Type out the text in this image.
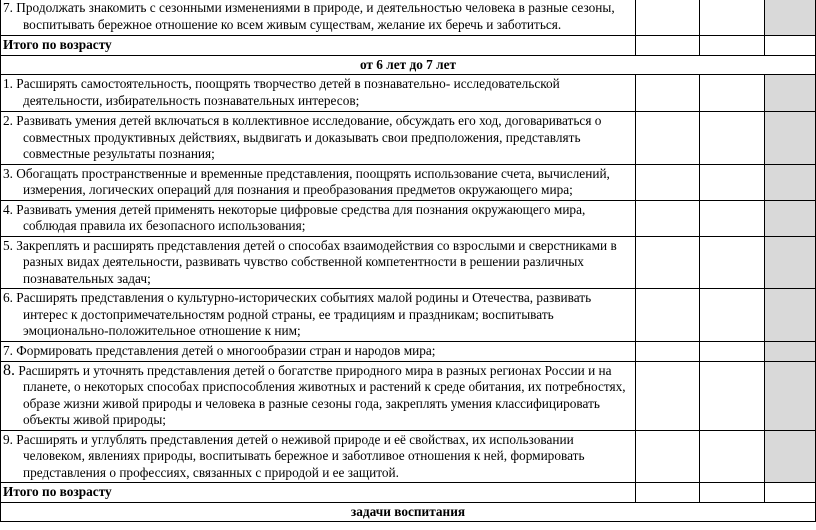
7. Продолжать знакомить с сезонными изменениями в природе, и деятельностью человека в разные сезоны, воспитывать бережное отношение ко всем живым существам, желание их беречь и заботиться.			

Итого по возрасту			
от 6 лет до 7 лет			

1. Расширять самостоятельность, поощрять творчество детей в познавательно- исследовательской деятельности, избирательность познавательных интересов;			

2. Развивать умения детей включаться в коллективное исследование, обсуждать его ход, договариваться о совместных продуктивных действиях, выдвигать и доказывать свои предположения, представлять совместные результаты познания;			

3. Обогащать пространственные и временные представления, поощрять использование счета, вычислений, измерения, логических операций для познания и преобразования предметов окружающего мира;			

4. Развивать умения детей применять некоторые цифровые средства для познания окружающего мира, соблюдая правила их безопасного использования;			

5. Закреплять и расширять представления детей о способах взаимодействия со взрослыми и сверстниками в разных видах деятельности, развивать чувство собственной компетентности в решении различных познавательных задач;			

6. Расширять представления о культурно-исторических событиях малой родины и Отечества, развивать интерес к достопримечательностям родной страны, ее традициям и праздникам; воспитывать эмоционально-положительное отношение к ним;			

7. Формировать представления детей о многообразии стран и народов мира;			

8. Расширять и уточнять представления детей о богатстве природного мира в разных регионах России и на планете, о некоторых способах приспособления животных и растений к среде обитания, их потребностях, образе жизни живой природы и человека в разные сезоны года, закреплять умения классифицировать объекты живой природы;			

9. Расширять и углублять представления детей о неживой природе и её свойствах, их использовании человеком, явлениях природы, воспитывать бережное и заботливое отношения к ней, формировать представления о профессиях, связанных с природой и ее защитой.			

Итого по возрасту			
задачи воспитания			
